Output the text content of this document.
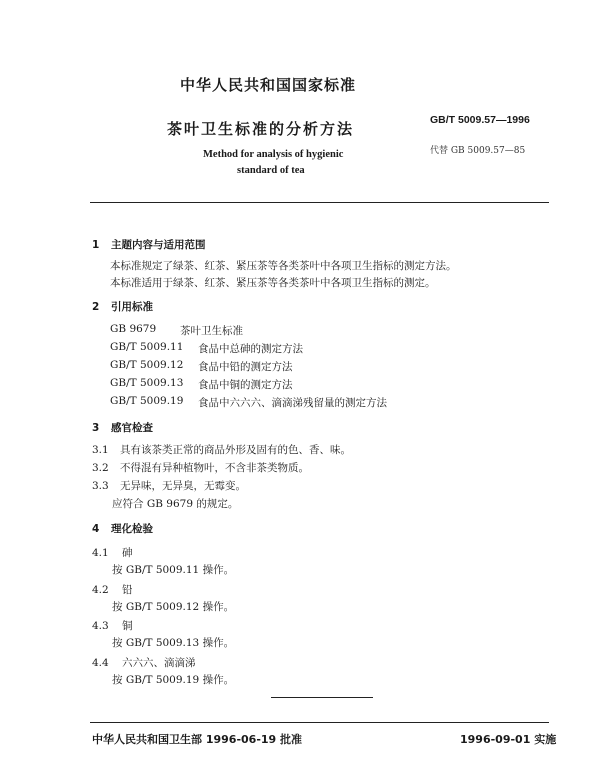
中华人民共和国国家标准
茶叶卫生标准的分析方法
Method for analysis of hygienic
standard of tea
GB/T 5009.57—1996
代替 GB 5009.57—85
1 主题内容与适用范围
本标准规定了绿茶、红茶、紧压茶等各类茶叶中各项卫生指标的测定方法。
本标准适用于绿茶、红茶、紧压茶等各类茶叶中各项卫生指标的测定。
2 引用标准
GB 9679 茶叶卫生标准
GB/T 5009.11 食品中总砷的测定方法
GB/T 5009.12 食品中铅的测定方法
GB/T 5009.13 食品中铜的测定方法
GB/T 5009.19 食品中六六六、滴滴涕残留量的测定方法
3 感官检查
3.1 具有该茶类正常的商品外形及固有的色、香、味。
3.2 不得混有异种植物叶，不含非茶类物质。
3.3 无异味，无异臭，无霉变。
应符合 GB 9679 的规定。
4 理化检验
4.1 砷
按 GB/T 5009.11 操作。
4.2 铅
按 GB/T 5009.12 操作。
4.3 铜
按 GB/T 5009.13 操作。
4.4 六六六、滴滴涕
按 GB/T 5009.19 操作。
中华人民共和国卫生部 1996-06-19 批准	1996-09-01 实施
